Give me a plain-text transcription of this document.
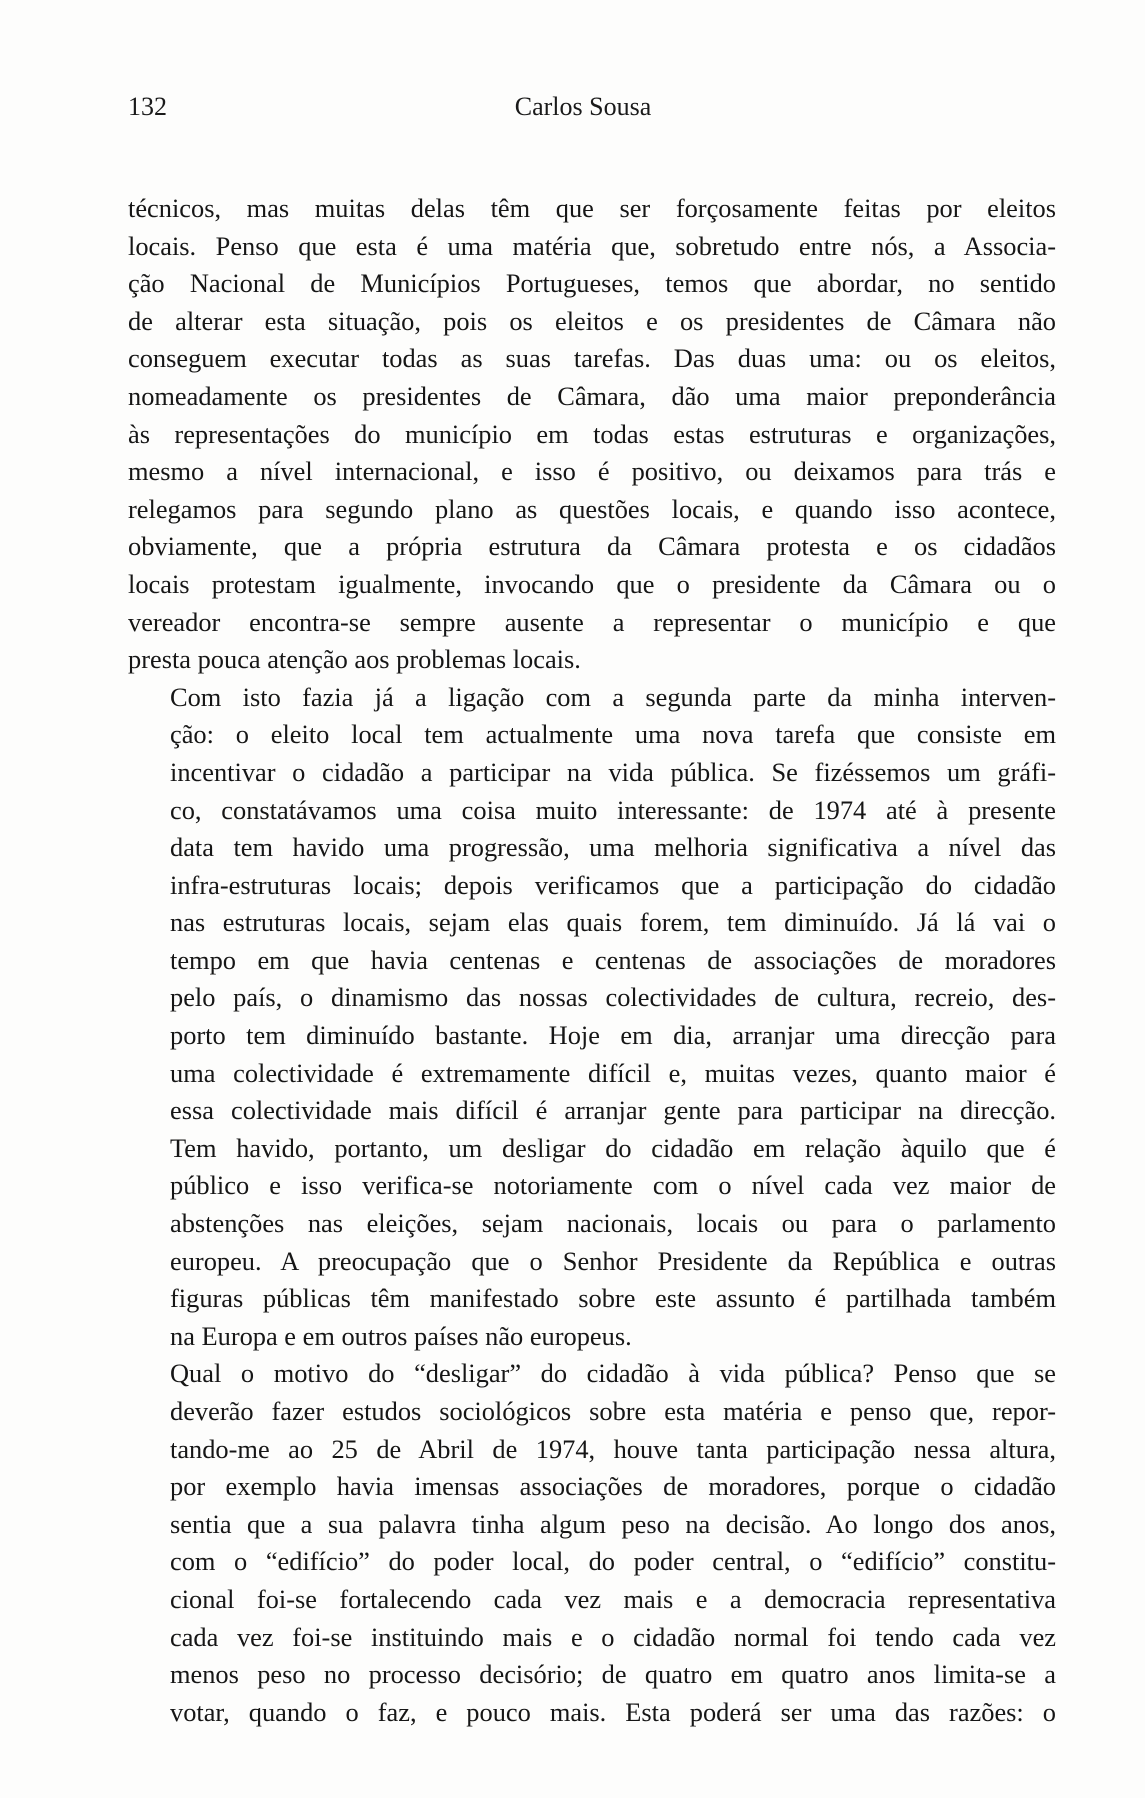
132	Carlos Sousa

técnicos, mas muitas delas têm que ser forçosamente feitas por eleitos
locais. Penso que esta é uma matéria que, sobretudo entre nós, a Associa-
ção Nacional de Municípios Portugueses, temos que abordar, no sentido
de alterar esta situação, pois os eleitos e os presidentes de Câmara não
conseguem executar todas as suas tarefas. Das duas uma: ou os eleitos,
nomeadamente os presidentes de Câmara, dão uma maior preponderância
às representações do município em todas estas estruturas e organizações,
mesmo a nível internacional, e isso é positivo, ou deixamos para trás e
relegamos para segundo plano as questões locais, e quando isso acontece,
obviamente, que a própria estrutura da Câmara protesta e os cidadãos
locais protestam igualmente, invocando que o presidente da Câmara ou o
vereador encontra-se sempre ausente a representar o município e que
presta pouca atenção aos problemas locais.

Com isto fazia já a ligação com a segunda parte da minha interven-
ção: o eleito local tem actualmente uma nova tarefa que consiste em
incentivar o cidadão a participar na vida pública. Se fizéssemos um gráfi-
co, constatávamos uma coisa muito interessante: de 1974 até à presente
data tem havido uma progressão, uma melhoria significativa a nível das
infra-estruturas locais; depois verificamos que a participação do cidadão
nas estruturas locais, sejam elas quais forem, tem diminuído. Já lá vai o
tempo em que havia centenas e centenas de associações de moradores
pelo país, o dinamismo das nossas colectividades de cultura, recreio, des-
porto tem diminuído bastante. Hoje em dia, arranjar uma direcção para
uma colectividade é extremamente difícil e, muitas vezes, quanto maior é
essa colectividade mais difícil é arranjar gente para participar na direcção.
Tem havido, portanto, um desligar do cidadão em relação àquilo que é
público e isso verifica-se notoriamente com o nível cada vez maior de
abstenções nas eleições, sejam nacionais, locais ou para o parlamento
europeu. A preocupação que o Senhor Presidente da República e outras
figuras públicas têm manifestado sobre este assunto é partilhada também
na Europa e em outros países não europeus.

Qual o motivo do “desligar” do cidadão à vida pública? Penso que se
deverão fazer estudos sociológicos sobre esta matéria e penso que, repor-
tando-me ao 25 de Abril de 1974, houve tanta participação nessa altura,
por exemplo havia imensas associações de moradores, porque o cidadão
sentia que a sua palavra tinha algum peso na decisão. Ao longo dos anos,
com o “edifício” do poder local, do poder central, o “edifício” constitu-
cional foi-se fortalecendo cada vez mais e a democracia representativa
cada vez foi-se instituindo mais e o cidadão normal foi tendo cada vez
menos peso no processo decisório; de quatro em quatro anos limita-se a
votar, quando o faz, e pouco mais. Esta poderá ser uma das razões: o
